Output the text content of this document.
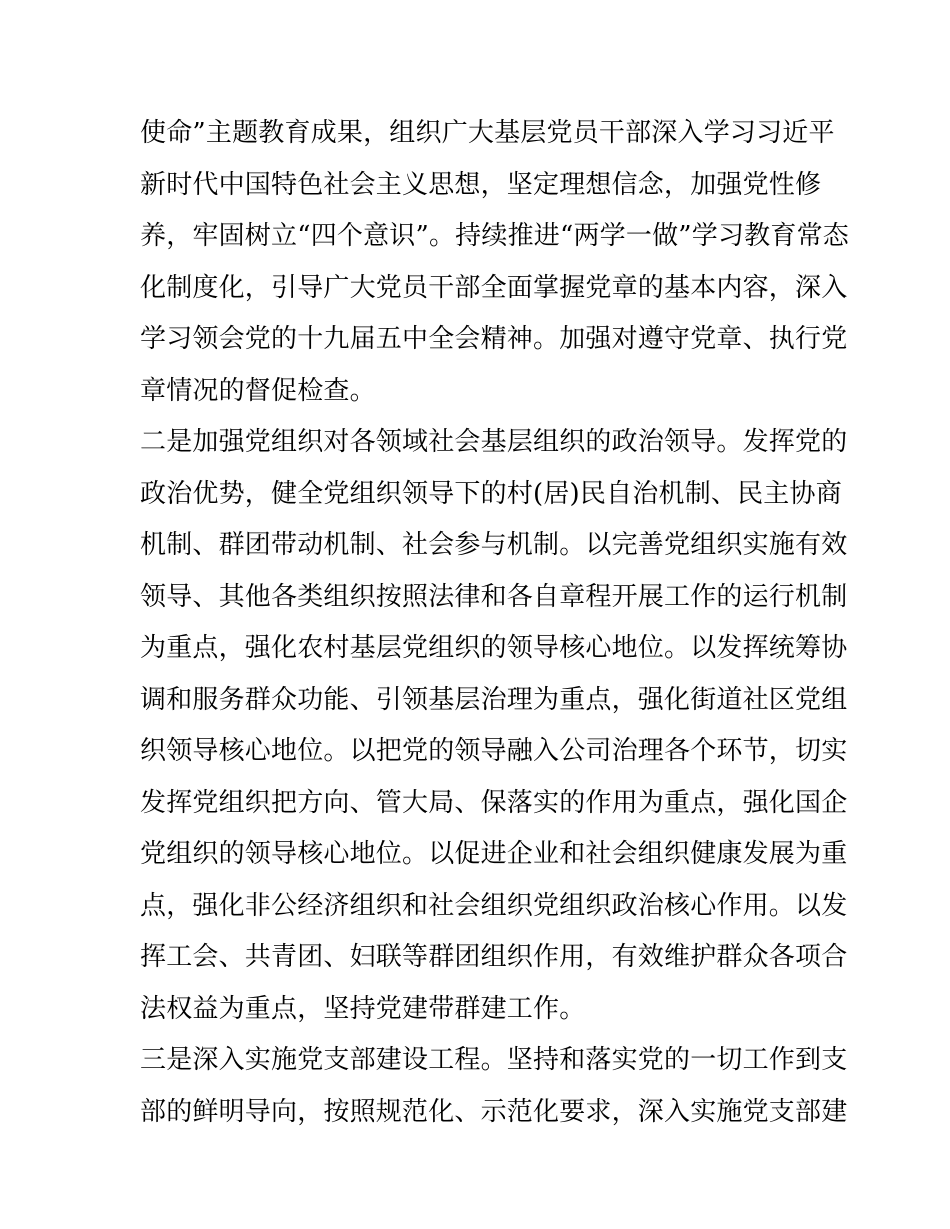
使命”主题教育成果，组织广大基层党员干部深入学习习近平
新时代中国特色社会主义思想，坚定理想信念，加强党性修
养，牢固树立“四个意识”。持续推进“两学一做”学习教育常态
化制度化，引导广大党员干部全面掌握党章的基本内容，深入
学习领会党的十九届五中全会精神。加强对遵守党章、执行党
章情况的督促检查。
二是加强党组织对各领域社会基层组织的政治领导。发挥党的
政治优势，健全党组织领导下的村(居)民自治机制、民主协商
机制、群团带动机制、社会参与机制。以完善党组织实施有效
领导、其他各类组织按照法律和各自章程开展工作的运行机制
为重点，强化农村基层党组织的领导核心地位。以发挥统筹协
调和服务群众功能、引领基层治理为重点，强化街道社区党组
织领导核心地位。以把党的领导融入公司治理各个环节，切实
发挥党组织把方向、管大局、保落实的作用为重点，强化国企
党组织的领导核心地位。以促进企业和社会组织健康发展为重
点，强化非公经济组织和社会组织党组织政治核心作用。以发
挥工会、共青团、妇联等群团组织作用，有效维护群众各项合
法权益为重点，坚持党建带群建工作。
三是深入实施党支部建设工程。坚持和落实党的一切工作到支
部的鲜明导向，按照规范化、示范化要求，深入实施党支部建
